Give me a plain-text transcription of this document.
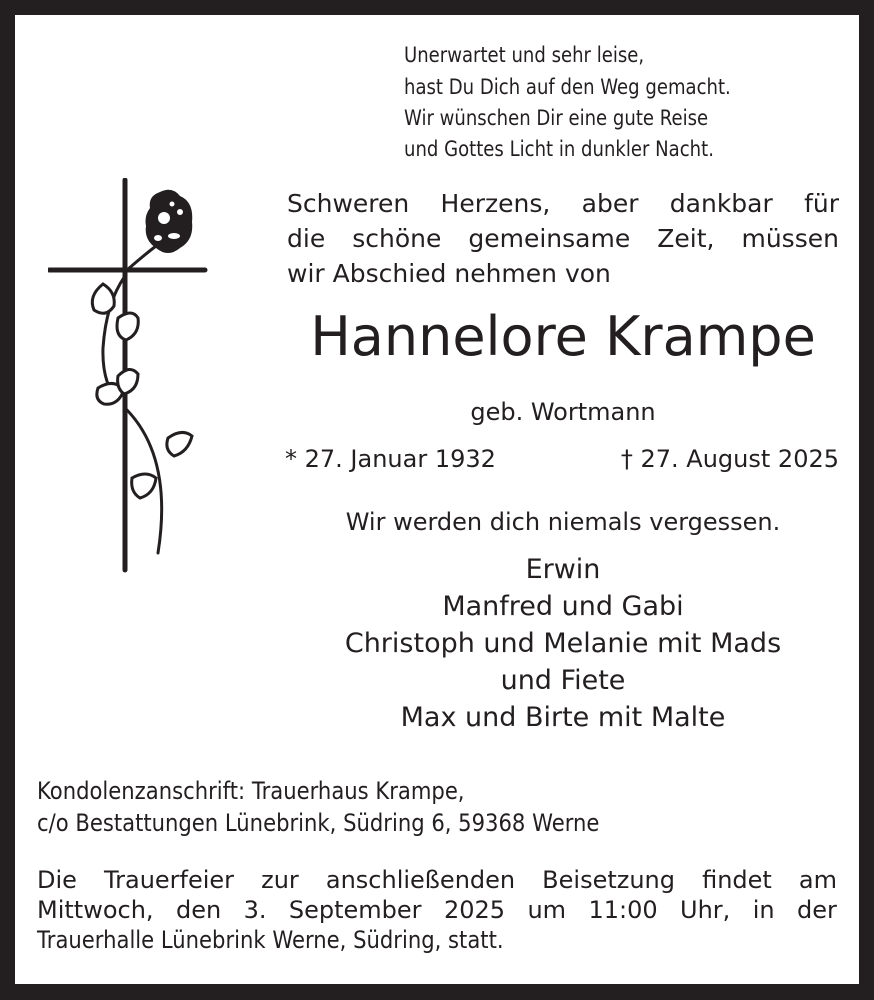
Unerwartet und sehr leise,
hast Du Dich auf den Weg gemacht.
Wir wünschen Dir eine gute Reise
und Gottes Licht in dunkler Nacht.
Schweren Herzens, aber dankbar für
die schöne gemeinsame Zeit, müssen
wir Abschied nehmen von
Hannelore Krampe
geb. Wortmann
* 27. Januar 1932	† 27. August 2025
Wir werden dich niemals vergessen.
Erwin
Manfred und Gabi
Christoph und Melanie mit Mads
und Fiete
Max und Birte mit Malte
Kondolenzanschrift: Trauerhaus Krampe,
c/o Bestattungen Lünebrink, Südring 6, 59368 Werne
Die Trauerfeier zur anschließenden Beisetzung findet am
Mittwoch, den 3. September 2025 um 11:00 Uhr, in der
Trauerhalle Lünebrink Werne, Südring, statt.
